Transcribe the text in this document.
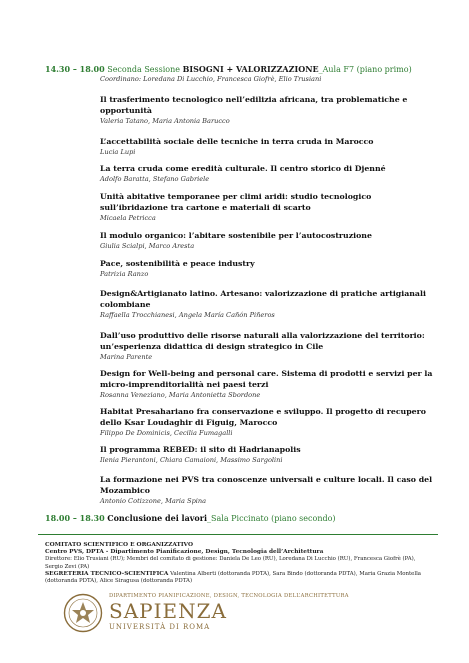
14.30 – 18.00 Seconda Sessione BISOGNI + VALORIZZAZIONE_Aula F7 (piano primo)
Coordinano: Loredana Di Lucchio, Francesca Giofrè, Elio Trusiani
Il trasferimento tecnologico nell’edilizia africana, tra problematiche e opportunità
Valeria Tatano, Maria Antonia Barucco
L’accettabilità sociale delle tecniche in terra cruda in Marocco
Lucia Lupi
La terra cruda come eredità culturale. Il centro storico di Djenné
Adolfo Baratta, Stefano Gabriele
Unità abitative temporanee per climi aridi: studio tecnologico sull’ibridazione tra cartone e materiali di scarto
Micaela Petricca
Il modulo organico: l’abitare sostenibile per l’autocostruzione
Giulia Scialpi, Marco Aresta
Pace, sostenibilità e peace industry
Patrizia Ranzo
Design&Artigianato latino. Artesano: valorizzazione di pratiche artigianali colombiane
Raffaella Trocchianesi, Angela María Cañón Piñeros
Dall’uso produttivo delle risorse naturali alla valorizzazione del territorio: un’esperienza didattica di design strategico in Cile
Marina Parente
Design for Well-being and personal care. Sistema di prodotti e servizi per la micro-imprenditorialità nei paesi terzi
Rosanna Veneziano, Maria Antonietta Sbordone
Habitat Presahariano fra conservazione e sviluppo. Il progetto di recupero dello Ksar Loudaghir di Figuig, Marocco
Filippo De Dominicis, Cecilia Fumagalli
Il programma REBED: il sito di Hadrianapolis
Ilenia Pierantoni, Chiara Camaioni, Massimo Sargolini
La formazione nei PVS tra conoscenze universali e culture locali. Il caso del Mozambico
Antonio Cotizzone, Maria Spina
18.00 – 18.30 Conclusione dei lavori_Sala Piccinato (piano secondo)
COMITATO SCIENTIFICO E ORGANIZZATIVO
Centro PVS, DPTA - Dipartimento Pianificazione, Design, Tecnologia dell’Architettura
Direttore: Elio Trusiani (RU); Membri del comitato di gestione: Daniela De Leo (RU), Loredana Di Lucchio (RU), Francesca Giofrè (PA), Sergio Zevi (PA)
SEGRETERIA TECNICO-SCIENTIFICA Valentina Alberti (dottoranda PDTA), Sara Bindo (dottoranda PDTA), Maria Grazia Montella (dottoranda PDTA), Alice Siragusa (dottoranda PDTA)
DIPARTIMENTO PIANIFICAZIONE, DESIGN, TECNOLOGIA DELL’ARCHITETTURA
SAPIENZA
UNIVERSITÀ DI ROMA
